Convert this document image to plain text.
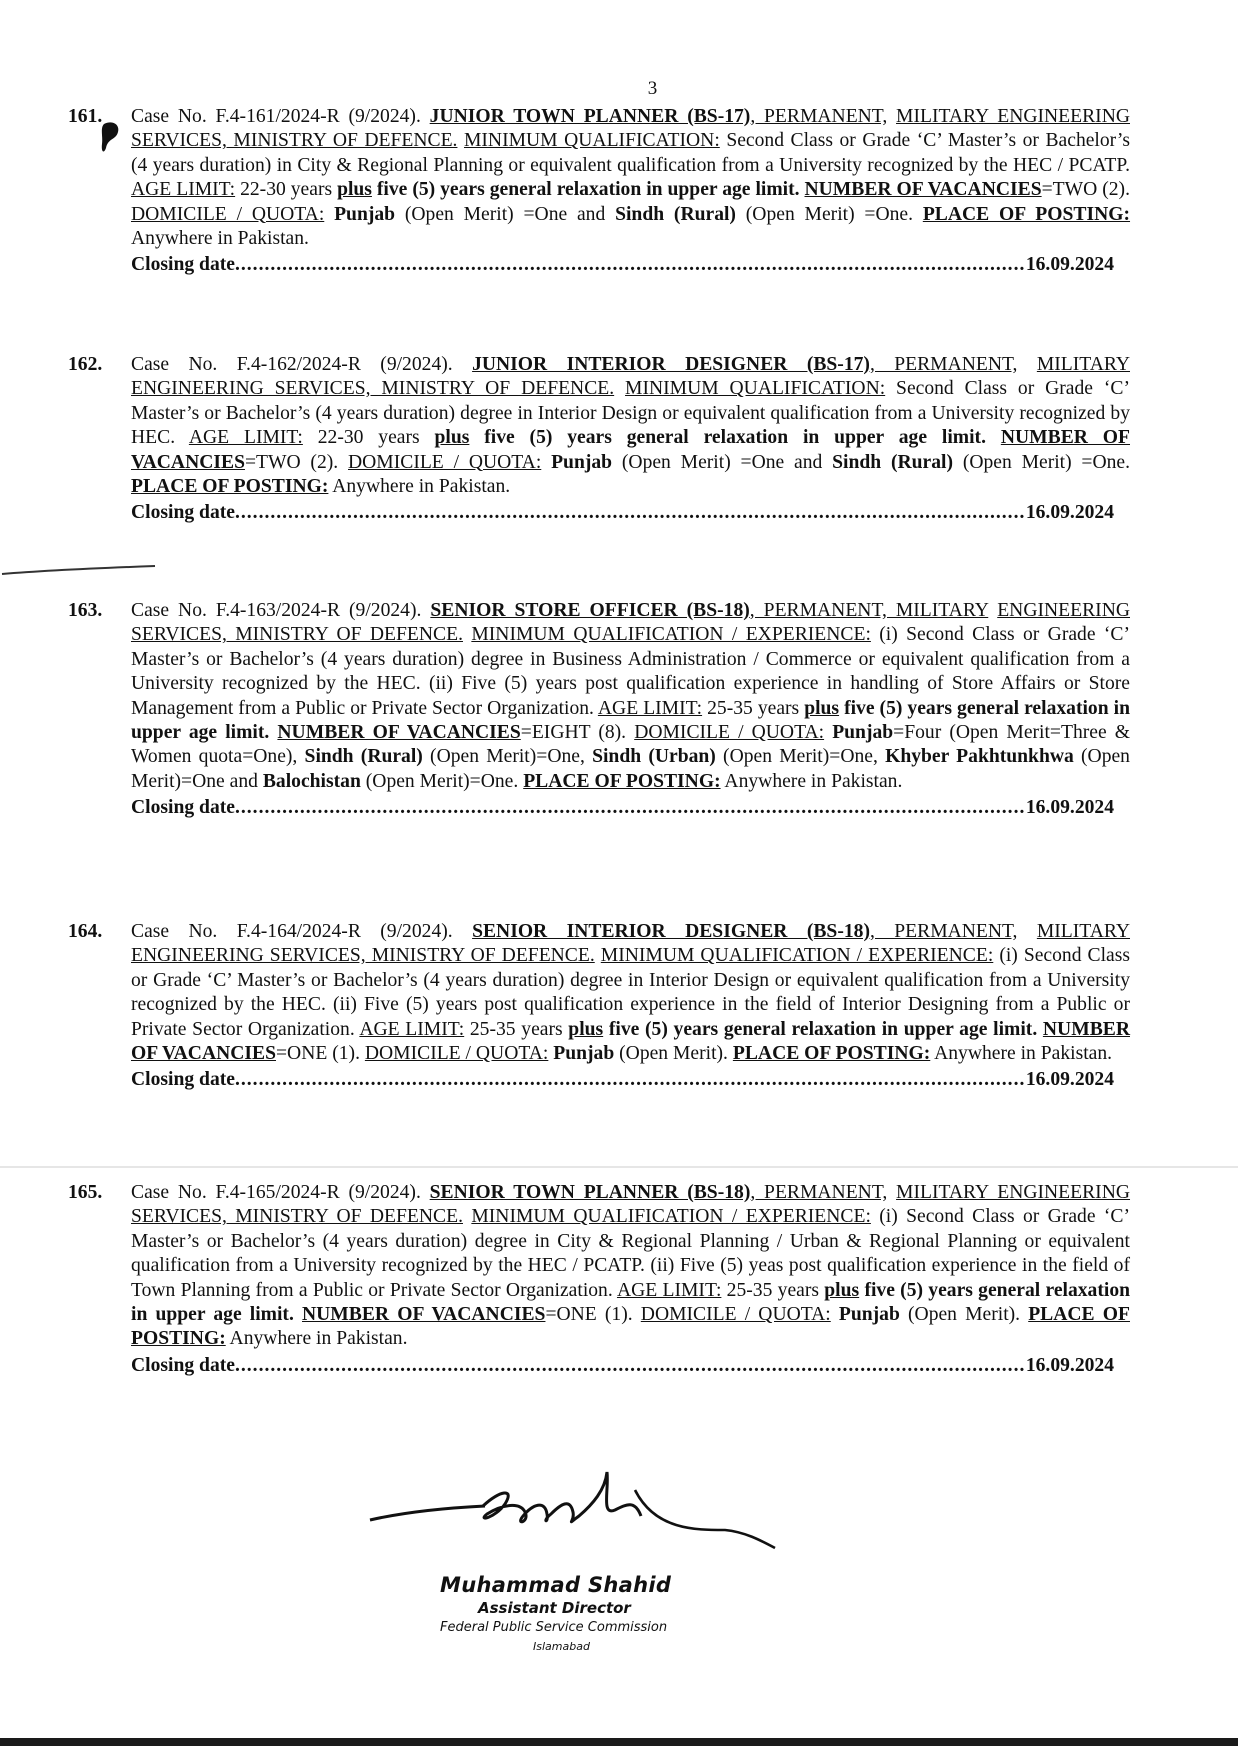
3
161.	Case No. F.4-161/2024-R (9/2024). JUNIOR TOWN PLANNER (BS-17), PERMANENT, MILITARY ENGINEERING SERVICES, MINISTRY OF DEFENCE. MINIMUM QUALIFICATION: Second Class or Grade ‘C’ Master’s or Bachelor’s (4 years duration) in City & Regional Planning or equivalent qualification from a University recognized by the HEC / PCATP. AGE LIMIT: 22-30 years plus five (5) years general relaxation in upper age limit. NUMBER OF VACANCIES=TWO (2). DOMICILE / QUOTA: Punjab (Open Merit) =One and Sindh (Rural) (Open Merit) =One. PLACE OF POSTING: Anywhere in Pakistan.
Closing date .....	16.09.2024
162.	Case No. F.4-162/2024-R (9/2024). JUNIOR INTERIOR DESIGNER (BS-17), PERMANENT, MILITARY ENGINEERING SERVICES, MINISTRY OF DEFENCE. MINIMUM QUALIFICATION: Second Class or Grade ‘C’ Master’s or Bachelor’s (4 years duration) degree in Interior Design or equivalent qualification from a University recognized by HEC. AGE LIMIT: 22-30 years plus five (5) years general relaxation in upper age limit. NUMBER OF VACANCIES=TWO (2). DOMICILE / QUOTA: Punjab (Open Merit) =One and Sindh (Rural) (Open Merit) =One. PLACE OF POSTING: Anywhere in Pakistan.
Closing date .....	16.09.2024
163.	Case No. F.4-163/2024-R (9/2024). SENIOR STORE OFFICER (BS-18), PERMANENT, MILITARY ENGINEERING SERVICES, MINISTRY OF DEFENCE. MINIMUM QUALIFICATION / EXPERIENCE: (i) Second Class or Grade ‘C’ Master’s or Bachelor’s (4 years duration) degree in Business Administration / Commerce or equivalent qualification from a University recognized by the HEC. (ii) Five (5) years post qualification experience in handling of Store Affairs or Store Management from a Public or Private Sector Organization. AGE LIMIT: 25-35 years plus five (5) years general relaxation in upper age limit. NUMBER OF VACANCIES=EIGHT (8). DOMICILE / QUOTA: Punjab=Four (Open Merit=Three & Women quota=One), Sindh (Rural) (Open Merit)=One, Sindh (Urban) (Open Merit)=One, Khyber Pakhtunkhwa (Open Merit)=One and Balochistan (Open Merit)=One. PLACE OF POSTING: Anywhere in Pakistan.
Closing date .....	16.09.2024
164.	Case No. F.4-164/2024-R (9/2024). SENIOR INTERIOR DESIGNER (BS-18), PERMANENT, MILITARY ENGINEERING SERVICES, MINISTRY OF DEFENCE. MINIMUM QUALIFICATION / EXPERIENCE: (i) Second Class or Grade ‘C’ Master’s or Bachelor’s (4 years duration) degree in Interior Design or equivalent qualification from a University recognized by the HEC. (ii) Five (5) years post qualification experience in the field of Interior Designing from a Public or Private Sector Organization. AGE LIMIT: 25-35 years plus five (5) years general relaxation in upper age limit. NUMBER OF VACANCIES=ONE (1). DOMICILE / QUOTA: Punjab (Open Merit). PLACE OF POSTING: Anywhere in Pakistan.
Closing date .....	16.09.2024
165.	Case No. F.4-165/2024-R (9/2024). SENIOR TOWN PLANNER (BS-18), PERMANENT, MILITARY ENGINEERING SERVICES, MINISTRY OF DEFENCE. MINIMUM QUALIFICATION / EXPERIENCE: (i) Second Class or Grade ‘C’ Master’s or Bachelor’s (4 years duration) degree in City & Regional Planning / Urban & Regional Planning or equivalent qualification from a University recognized by the HEC / PCATP. (ii) Five (5) yeas post qualification experience in the field of Town Planning from a Public or Private Sector Organization. AGE LIMIT: 25-35 years plus five (5) years general relaxation in upper age limit. NUMBER OF VACANCIES=ONE (1). DOMICILE / QUOTA: Punjab (Open Merit). PLACE OF POSTING: Anywhere in Pakistan.
Closing date .....	16.09.2024
Muhammad Shahid
Assistant Director
Federal Public Service Commission
Islamabad
